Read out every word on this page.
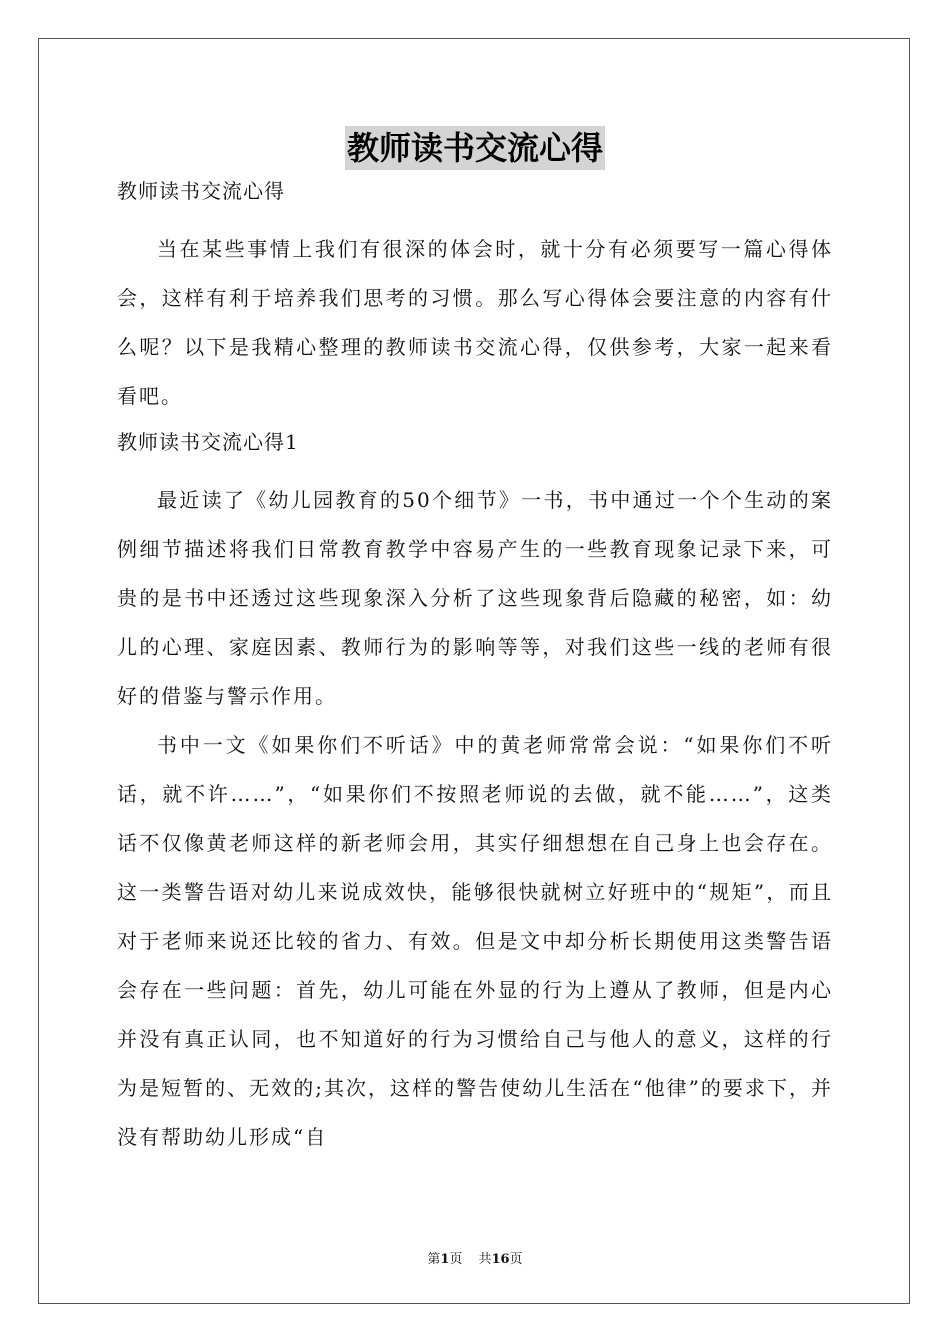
教师读书交流心得

教师读书交流心得

当在某些事情上我们有很深的体会时，就十分有必须要写一篇心得体会，这样有利于培养我们思考的习惯。那么写心得体会要注意的内容有什么呢？以下是我精心整理的教师读书交流心得，仅供参考，大家一起来看看吧。

教师读书交流心得1

最近读了《幼儿园教育的50个细节》一书，书中通过一个个生动的案例细节描述将我们日常教育教学中容易产生的一些教育现象记录下来，可贵的是书中还透过这些现象深入分析了这些现象背后隐藏的秘密，如：幼儿的心理、家庭因素、教师行为的影响等等，对我们这些一线的老师有很好的借鉴与警示作用。

书中一文《如果你们不听话》中的黄老师常常会说：“如果你们不听话，就不许……”，“如果你们不按照老师说的去做，就不能……”，这类话不仅像黄老师这样的新老师会用，其实仔细想想在自己身上也会存在。这一类警告语对幼儿来说成效快，能够很快就树立好班中的“规矩”，而且对于老师来说还比较的省力、有效。但是文中却分析长期使用这类警告语会存在一些问题：首先，幼儿可能在外显的行为上遵从了教师，但是内心并没有真正认同，也不知道好的行为习惯给自己与他人的意义，这样的行为是短暂的、无效的;其次，这样的警告使幼儿生活在“他律”的要求下，并没有帮助幼儿形成“自

第1页 共16页
